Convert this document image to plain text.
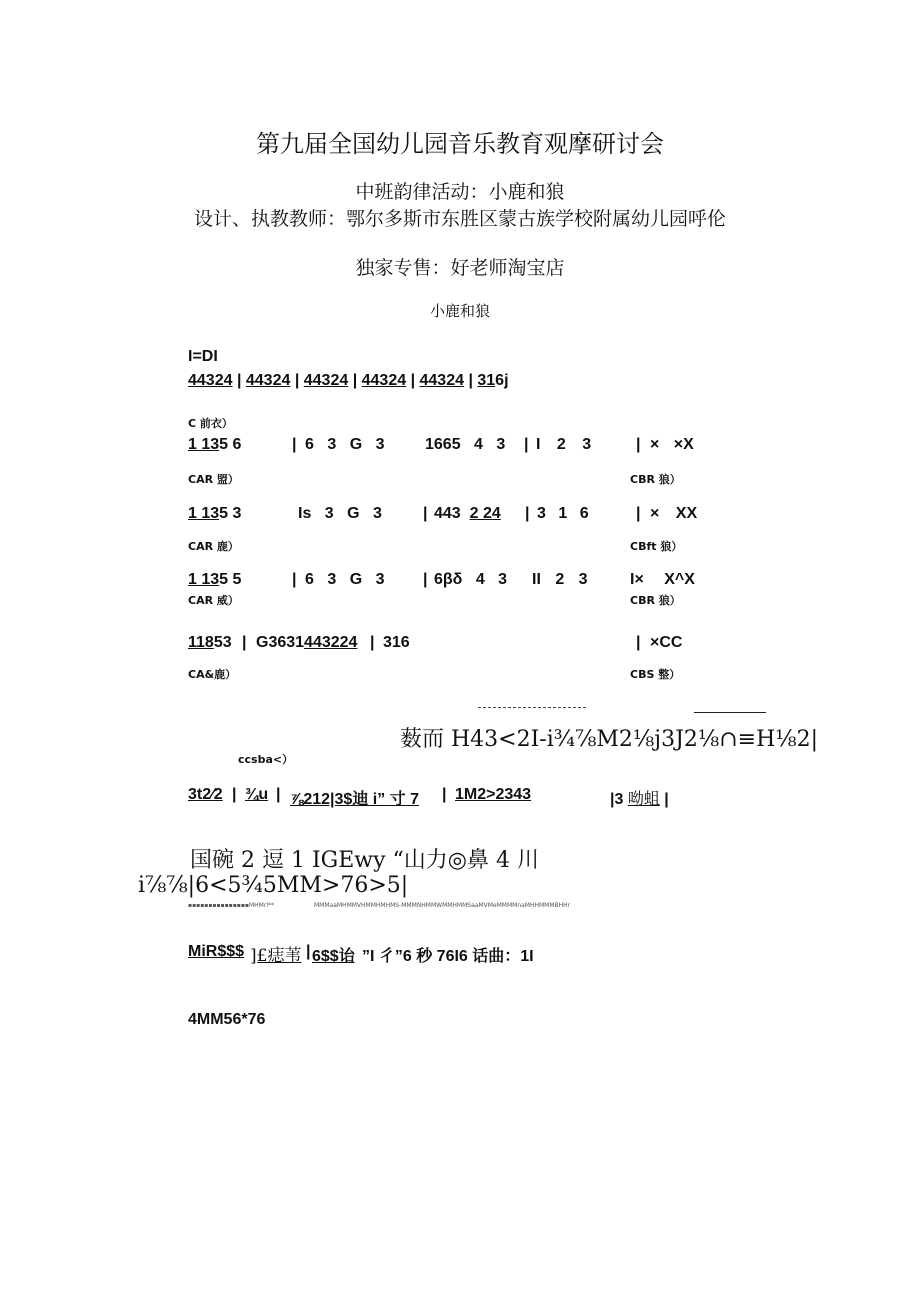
第九届全国幼儿园音乐教育观摩研讨会
中班韵律活动：小鹿和狼
设计、执教教师：鄂尔多斯市东胜区蒙古族学校附属幼儿园呼伦
独家专售：好老师淘宝店
小鹿和狼
I=DI
44324 | 44324 | 44324 | 44324 | 44324 | 316j
C 前衣）
1 135 6	| 6 3 G 3	1665 4 3 | I 2 3	| × ×X
CAR 盟）	CBR 狼）
1 135 3	Is 3 G 3	| 443 2 24 | 3 1 6	| × XX
CAR 鹿）	CBft 狼）
1 135 5	| 6 3 G 3 | 6βδ 4 3 II 2 3	I× X^X
CAR 威）	CBR 狼）
11853 | G3631443224 | 316	| ×CC
CA&鹿）	CBS 整）
薮而 H43<2I-i¾⅞M2⅛j3J2⅛∩≡H⅛2|
ccsba<）
3t2⁄2 | ¾u | ⅞212|3$迪 i” 寸 7 | 1M2>2343	|3 呦蛆 |
国碗 2 逗 1 IGEwy “山力◎鼻 4 川
i⅞⅞|6<5¾5MM>76>5|
▪▪▪▪▪▪▪▪▪▪▪▪▪▪▪MHMrl**	MMMaaMHMMVHMMHMHMS-MMMNHMMWMMHMMSaaMVMeMMMMnaMHHMMMBHHr
MiR$$$ ]£痣苇 | 6$$诒 ”I 彳”6 秒 76I6 话曲：1I
4MM56*76
